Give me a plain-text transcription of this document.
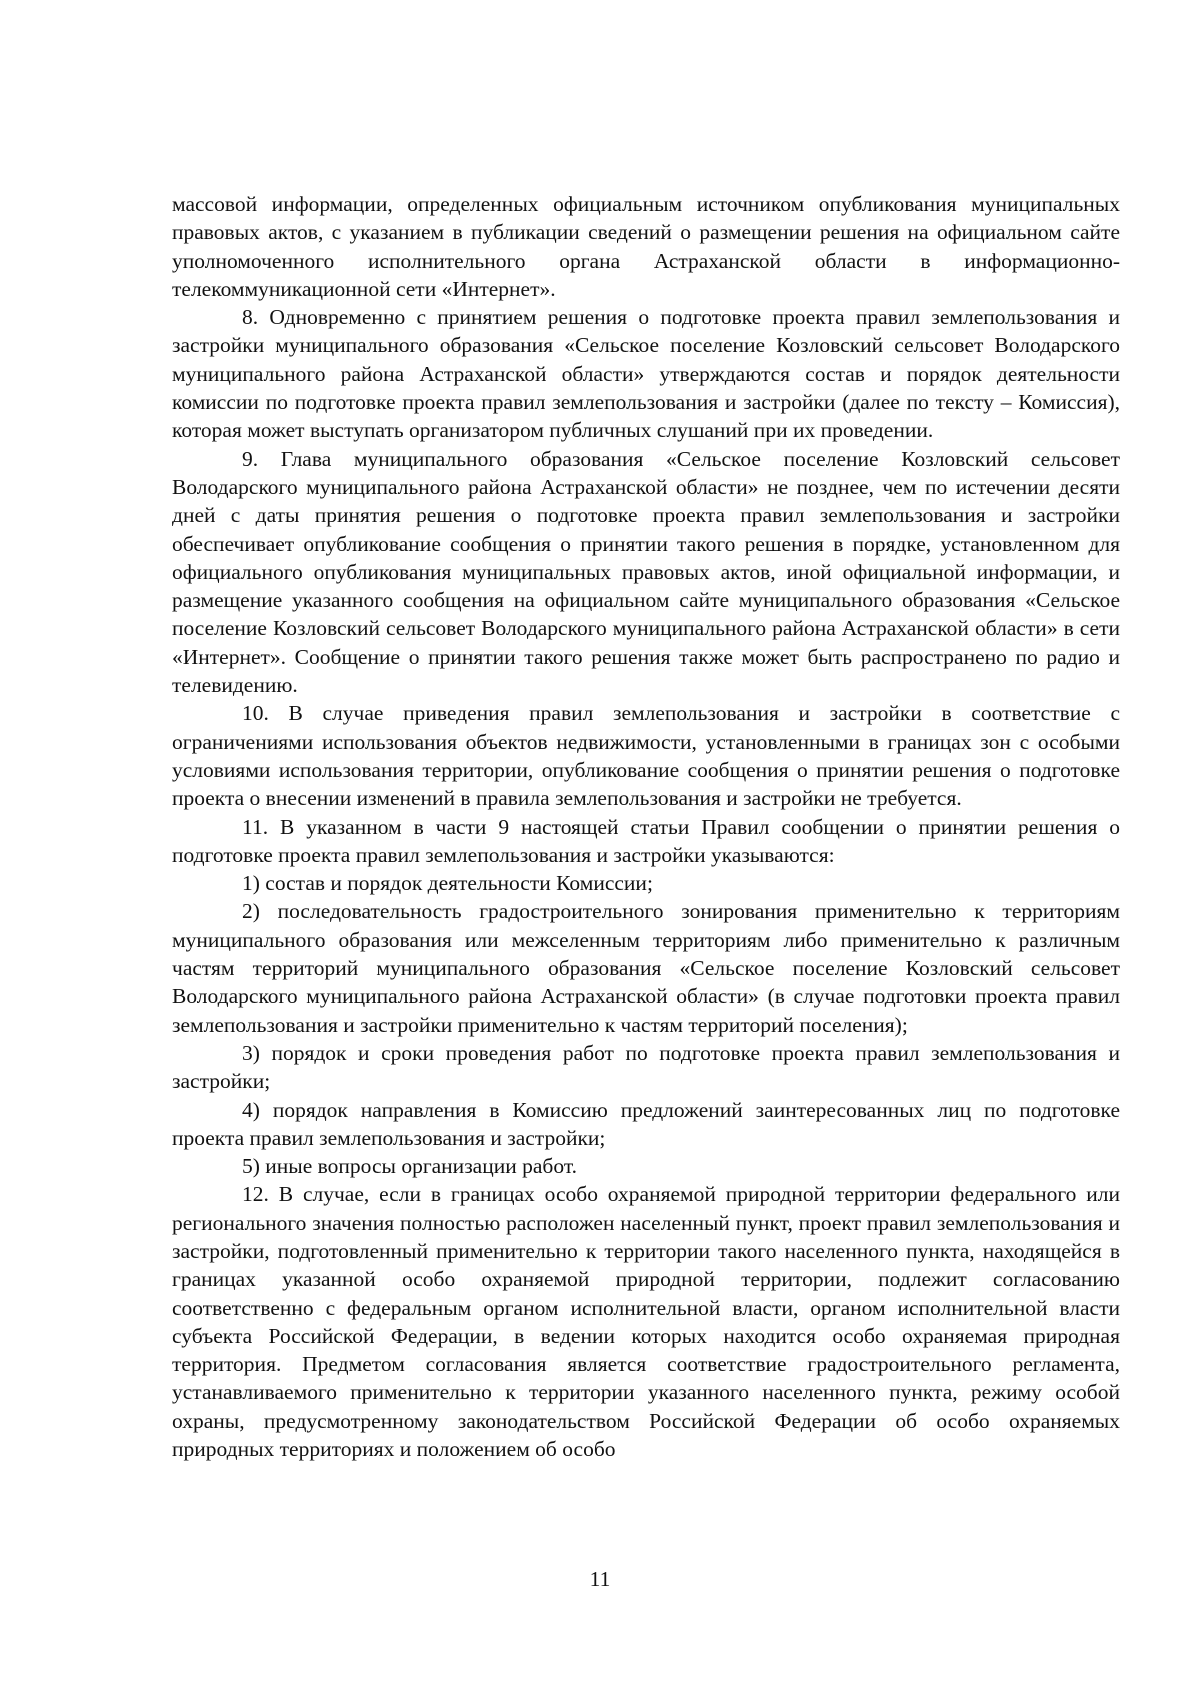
массовой информации, определенных официальным источником опубликования муниципальных правовых актов, с указанием в публикации сведений о размещении решения на официальном сайте уполномоченного исполнительного органа Астраханской области в информационно-телекоммуникационной сети «Интернет».

8. Одновременно с принятием решения о подготовке проекта правил землепользования и застройки муниципального образования «Сельское поселение Козловский сельсовет Володарского муниципального района Астраханской области» утверждаются состав и порядок деятельности комиссии по подготовке проекта правил землепользования и застройки (далее по тексту – Комиссия), которая может выступать организатором публичных слушаний при их проведении.

9. Глава муниципального образования «Сельское поселение Козловский сельсовет Володарского муниципального района Астраханской области» не позднее, чем по истечении десяти дней с даты принятия решения о подготовке проекта правил землепользования и застройки обеспечивает опубликование сообщения о принятии такого решения в порядке, установленном для официального опубликования муниципальных правовых актов, иной официальной информации, и размещение указанного сообщения на официальном сайте муниципального образования «Сельское поселение Козловский сельсовет Володарского муниципального района Астраханской области» в сети «Интернет». Сообщение о принятии такого решения также может быть распространено по радио и телевидению.

10. В случае приведения правил землепользования и застройки в соответствие с ограничениями использования объектов недвижимости, установленными в границах зон с особыми условиями использования территории, опубликование сообщения о принятии решения о подготовке проекта о внесении изменений в правила землепользования и застройки не требуется.

11. В указанном в части 9 настоящей статьи Правил сообщении о принятии решения о подготовке проекта правил землепользования и застройки указываются:

1) состав и порядок деятельности Комиссии;

2) последовательность градостроительного зонирования применительно к территориям муниципального образования или межселенным территориям либо применительно к различным частям территорий муниципального образования «Сельское поселение Козловский сельсовет Володарского муниципального района Астраханской области» (в случае подготовки проекта правил землепользования и застройки применительно к частям территорий поселения);

3) порядок и сроки проведения работ по подготовке проекта правил землепользования и застройки;

4) порядок направления в Комиссию предложений заинтересованных лиц по подготовке проекта правил землепользования и застройки;

5) иные вопросы организации работ.

12. В случае, если в границах особо охраняемой природной территории федерального или регионального значения полностью расположен населенный пункт, проект правил землепользования и застройки, подготовленный применительно к территории такого населенного пункта, находящейся в границах указанной особо охраняемой природной территории, подлежит согласованию соответственно с федеральным органом исполнительной власти, органом исполнительной власти субъекта Российской Федерации, в ведении которых находится особо охраняемая природная территория. Предметом согласования является соответствие градостроительного регламента, устанавливаемого применительно к территории указанного населенного пункта, режиму особой охраны, предусмотренному законодательством Российской Федерации об особо охраняемых природных территориях и положением об особо

11
